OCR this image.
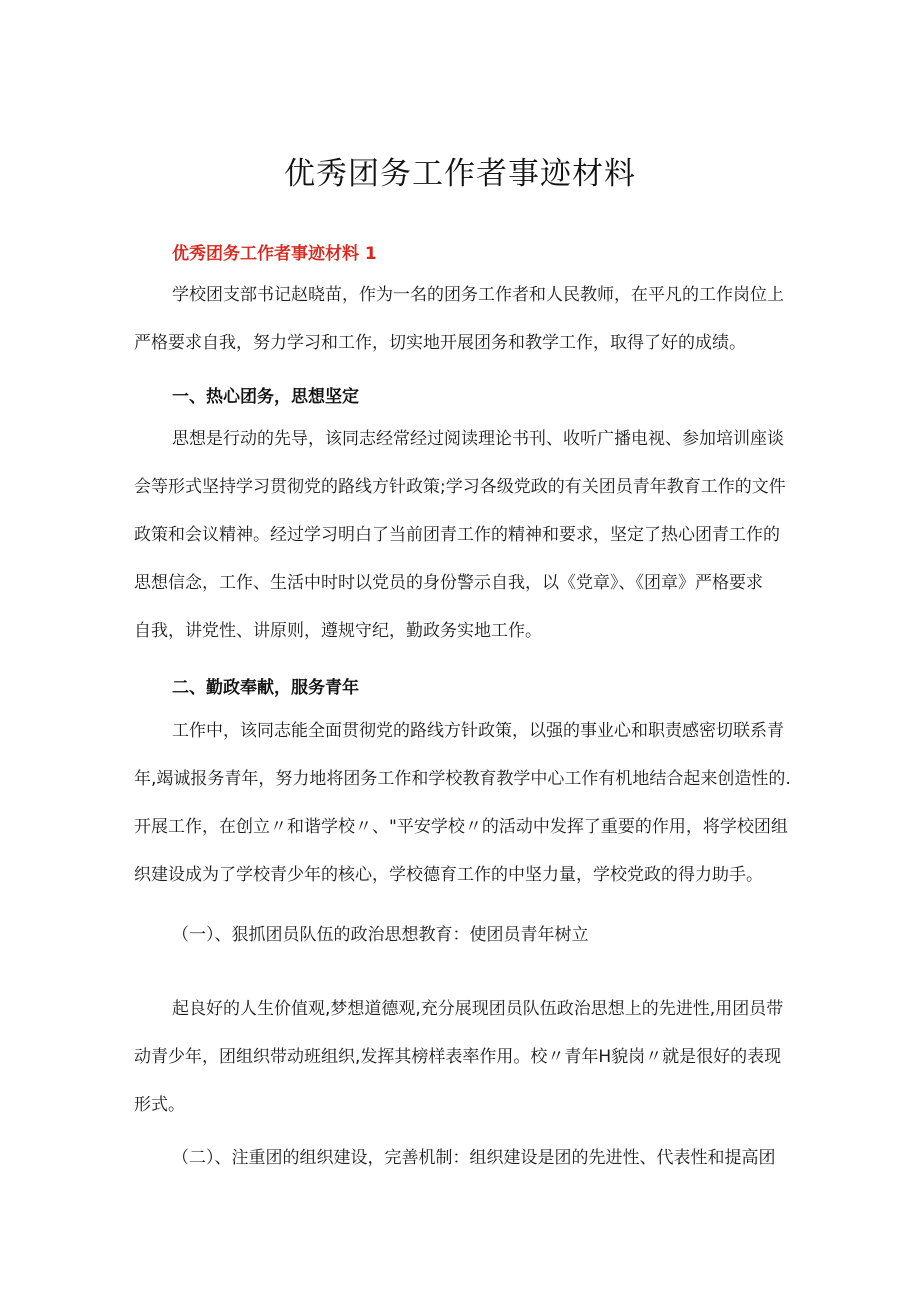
优秀团务工作者事迹材料
优秀团务工作者事迹材料 1
学校团支部书记赵晓苗，作为一名的团务工作者和人民教师，在平凡的工作岗位上
严格要求自我，努力学习和工作，切实地开展团务和教学工作，取得了好的成绩。
一、热心团务，思想坚定
思想是行动的先导，该同志经常经过阅读理论书刊、收听广播电视、参加培训座谈
会等形式坚持学习贯彻党的路线方针政策;学习各级党政的有关团员青年教育工作的文件
政策和会议精神。经过学习明白了当前团青工作的精神和要求，坚定了热心团青工作的
思想信念，工作、生活中时时以党员的身份警示自我，以《党章》、《团章》严格要求
自我，讲党性、讲原则，遵规守纪，勤政务实地工作。
二、勤政奉献，服务青年
工作中，该同志能全面贯彻党的路线方针政策，以强的事业心和职责感密切联系青
年,竭诚报务青年，努力地将团务工作和学校教育教学中心工作有机地结合起来创造性的.
开展工作，在创立〃和谐学校〃、"平安学校〃的活动中发挥了重要的作用，将学校团组
织建设成为了学校青少年的核心，学校德育工作的中坚力量，学校党政的得力助手。
（一）、狠抓团员队伍的政治思想教育：使团员青年树立
起良好的人生价值观,梦想道德观,充分展现团员队伍政治思想上的先进性,用团员带
动青少年，团组织带动班组织,发挥其榜样表率作用。校〃青年H貌岗〃就是很好的表现
形式。
（二）、注重团的组织建设，完善机制：组织建设是团的先进性、代表性和提高团
